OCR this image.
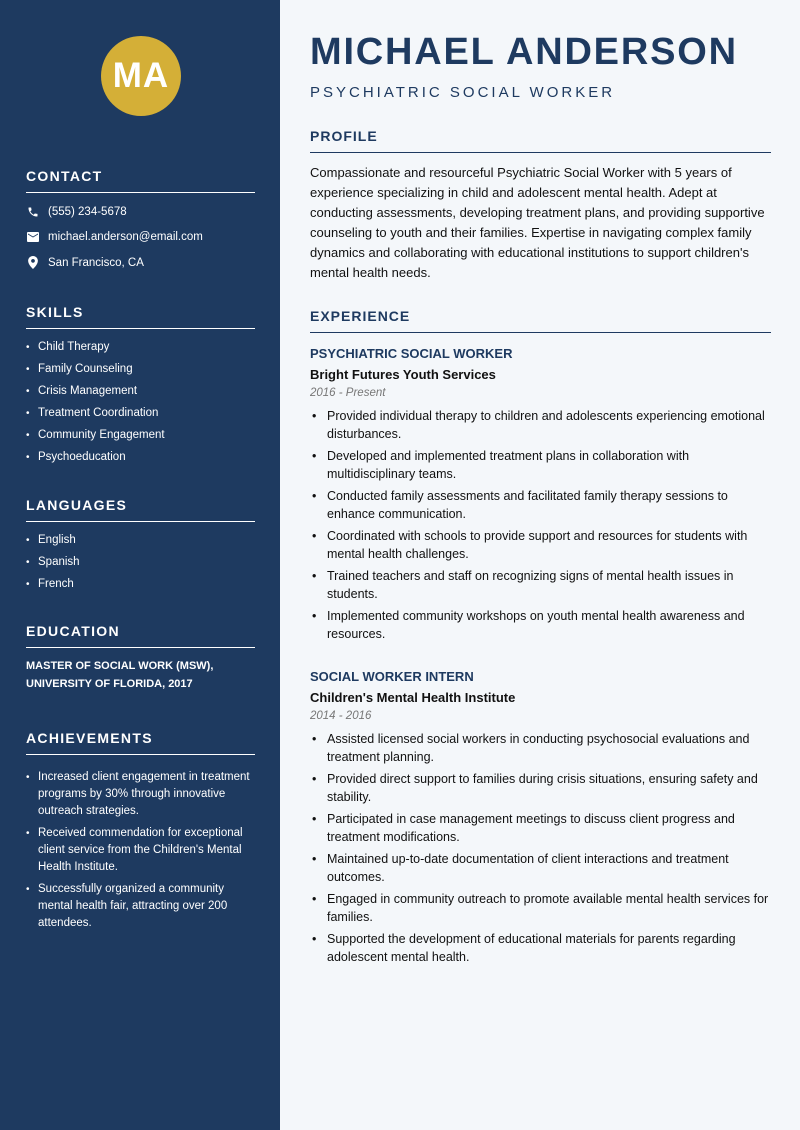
MA
CONTACT
(555) 234-5678
michael.anderson@email.com
San Francisco, CA
SKILLS
• Child Therapy
• Family Counseling
• Crisis Management
• Treatment Coordination
• Community Engagement
• Psychoeducation
LANGUAGES
• English
• Spanish
• French
EDUCATION
MASTER OF SOCIAL WORK (MSW),
UNIVERSITY OF FLORIDA, 2017
ACHIEVEMENTS
• Increased client engagement in treatment programs by 30% through innovative outreach strategies.
• Received commendation for exceptional client service from the Children's Mental Health Institute.
• Successfully organized a community mental health fair, attracting over 200 attendees.
MICHAEL ANDERSON
PSYCHIATRIC SOCIAL WORKER
PROFILE
Compassionate and resourceful Psychiatric Social Worker with 5 years of experience specializing in child and adolescent mental health. Adept at conducting assessments, developing treatment plans, and providing supportive counseling to youth and their families. Expertise in navigating complex family dynamics and collaborating with educational institutions to support children's mental health needs.
EXPERIENCE
PSYCHIATRIC SOCIAL WORKER
Bright Futures Youth Services
2016 - Present
• Provided individual therapy to children and adolescents experiencing emotional disturbances.
• Developed and implemented treatment plans in collaboration with multidisciplinary teams.
• Conducted family assessments and facilitated family therapy sessions to enhance communication.
• Coordinated with schools to provide support and resources for students with mental health challenges.
• Trained teachers and staff on recognizing signs of mental health issues in students.
• Implemented community workshops on youth mental health awareness and resources.
SOCIAL WORKER INTERN
Children's Mental Health Institute
2014 - 2016
• Assisted licensed social workers in conducting psychosocial evaluations and treatment planning.
• Provided direct support to families during crisis situations, ensuring safety and stability.
• Participated in case management meetings to discuss client progress and treatment modifications.
• Maintained up-to-date documentation of client interactions and treatment outcomes.
• Engaged in community outreach to promote available mental health services for families.
• Supported the development of educational materials for parents regarding adolescent mental health.
